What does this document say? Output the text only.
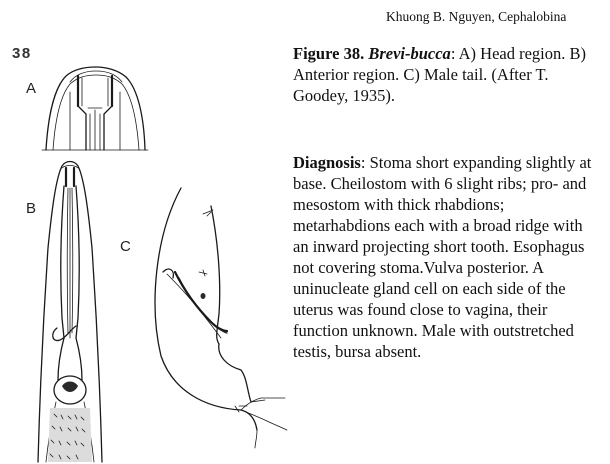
Khuong B. Nguyen, Cephalobina
38
A
B
C
Figure 38. Brevi-bucca: A) Head region. B) Anterior region. C) Male tail. (After T. Goodey, 1935).
Diagnosis: Stoma short expanding slightly at base. Cheilostom with 6 slight ribs; pro- and mesostom with thick rhabdions; metarhabdions each with a broad ridge with an inward projecting short tooth. Esophagus not covering stoma.Vulva posterior. A uninucleate gland cell on each side of the uterus was found close to vagina, their function unknown. Male with outstretched testis, bursa absent.
